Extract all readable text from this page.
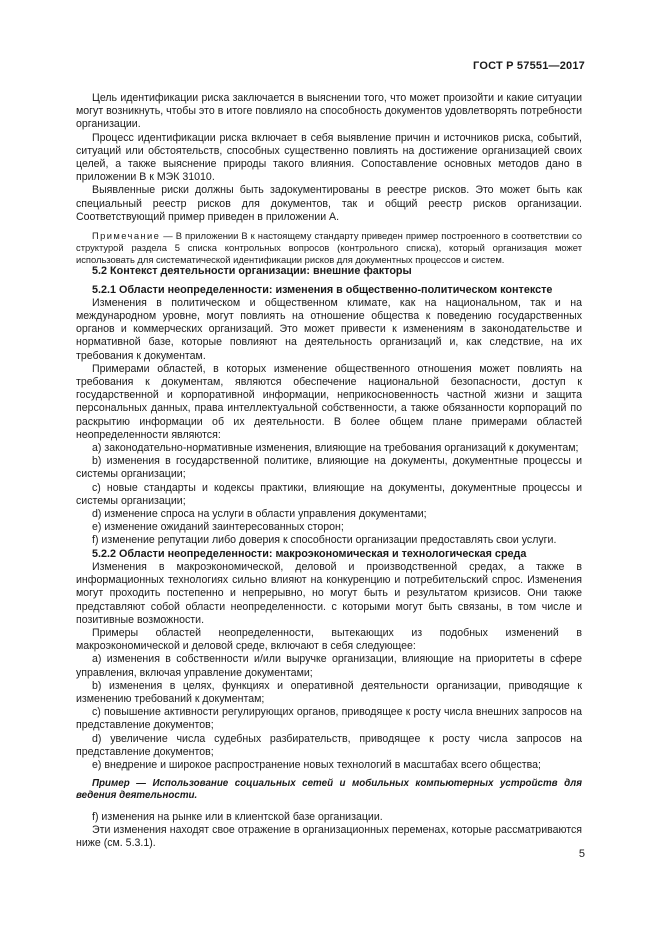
ГОСТ Р 57551—2017

Цель идентификации риска заключается в выяснении того, что может произойти и какие ситуации могут возникнуть, чтобы это в итоге повлияло на способность документов удовлетворять потребности организации.

Процесс идентификации риска включает в себя выявление причин и источников риска, событий, ситуаций или обстоятельств, способных существенно повлиять на достижение организацией своих целей, а также выяснение природы такого влияния. Сопоставление основных методов дано в приложении В к МЭК 31010.

Выявленные риски должны быть задокументированы в реестре рисков. Это может быть как специальный реестр рисков для документов, так и общий реестр рисков организации. Соответствующий пример приведен в приложении А.

Примечание — В приложении В к настоящему стандарту приведен пример построенного в соответствии со структурой раздела 5 списка контрольных вопросов (контрольного списка), который организация может использовать для систематической идентификации рисков для документных процессов и систем.

5.2 Контекст деятельности организации: внешние факторы
5.2.1 Области неопределенности: изменения в общественно-политическом контексте

Изменения в политическом и общественном климате, как на национальном, так и на международном уровне, могут повлиять на отношение общества к поведению государственных органов и коммерческих организаций. Это может привести к изменениям в законодательстве и нормативной базе, которые повлияют на деятельность организаций и, как следствие, на их требования к документам.

Примерами областей, в которых изменение общественного отношения может повлиять на требования к документам, являются обеспечение национальной безопасности, доступ к государственной и корпоративной информации, неприкосновенность частной жизни и защита персональных данных, права интеллектуальной собственности, а также обязанности корпораций по раскрытию информации об их деятельности. В более общем плане примерами областей неопределенности являются:

а) законодательно-нормативные изменения, влияющие на требования организаций к документам;

b) изменения в государственной политике, влияющие на документы, документные процессы и системы организации;

c) новые стандарты и кодексы практики, влияющие на документы, документные процессы и системы организации;

d) изменение спроса на услуги в области управления документами;

e) изменение ожиданий заинтересованных сторон;

f) изменение репутации либо доверия к способности организации предоставлять свои услуги.

5.2.2 Области неопределенности: макроэкономическая и технологическая среда

Изменения в макроэкономической, деловой и производственной средах, а также в информационных технологиях сильно влияют на конкуренцию и потребительский спрос. Изменения могут проходить постепенно и непрерывно, но могут быть и результатом кризисов. Они также представляют собой области неопределенности. с которыми могут быть связаны, в том числе и позитивные возможности.

Примеры областей неопределенности, вытекающих из подобных изменений в макроэкономической и деловой среде, включают в себя следующее:

а) изменения в собственности и/или выручке организации, влияющие на приоритеты в сфере управления, включая управление документами;

b) изменения в целях, функциях и оперативной деятельности организации, приводящие к изменению требований к документам;

c) повышение активности регулирующих органов, приводящее к росту числа внешних запросов на представление документов;

d) увеличение числа судебных разбирательств, приводящее к росту числа запросов на представление документов;

e) внедрение и широкое распространение новых технологий в масштабах всего общества;

Пример — Использование социальных сетей и мобильных компьютерных устройств для ведения деятельности.

f) изменения на рынке или в клиентской базе организации.

Эти изменения находят свое отражение в организационных переменах, которые рассматриваются ниже (см. 5.3.1).

5
